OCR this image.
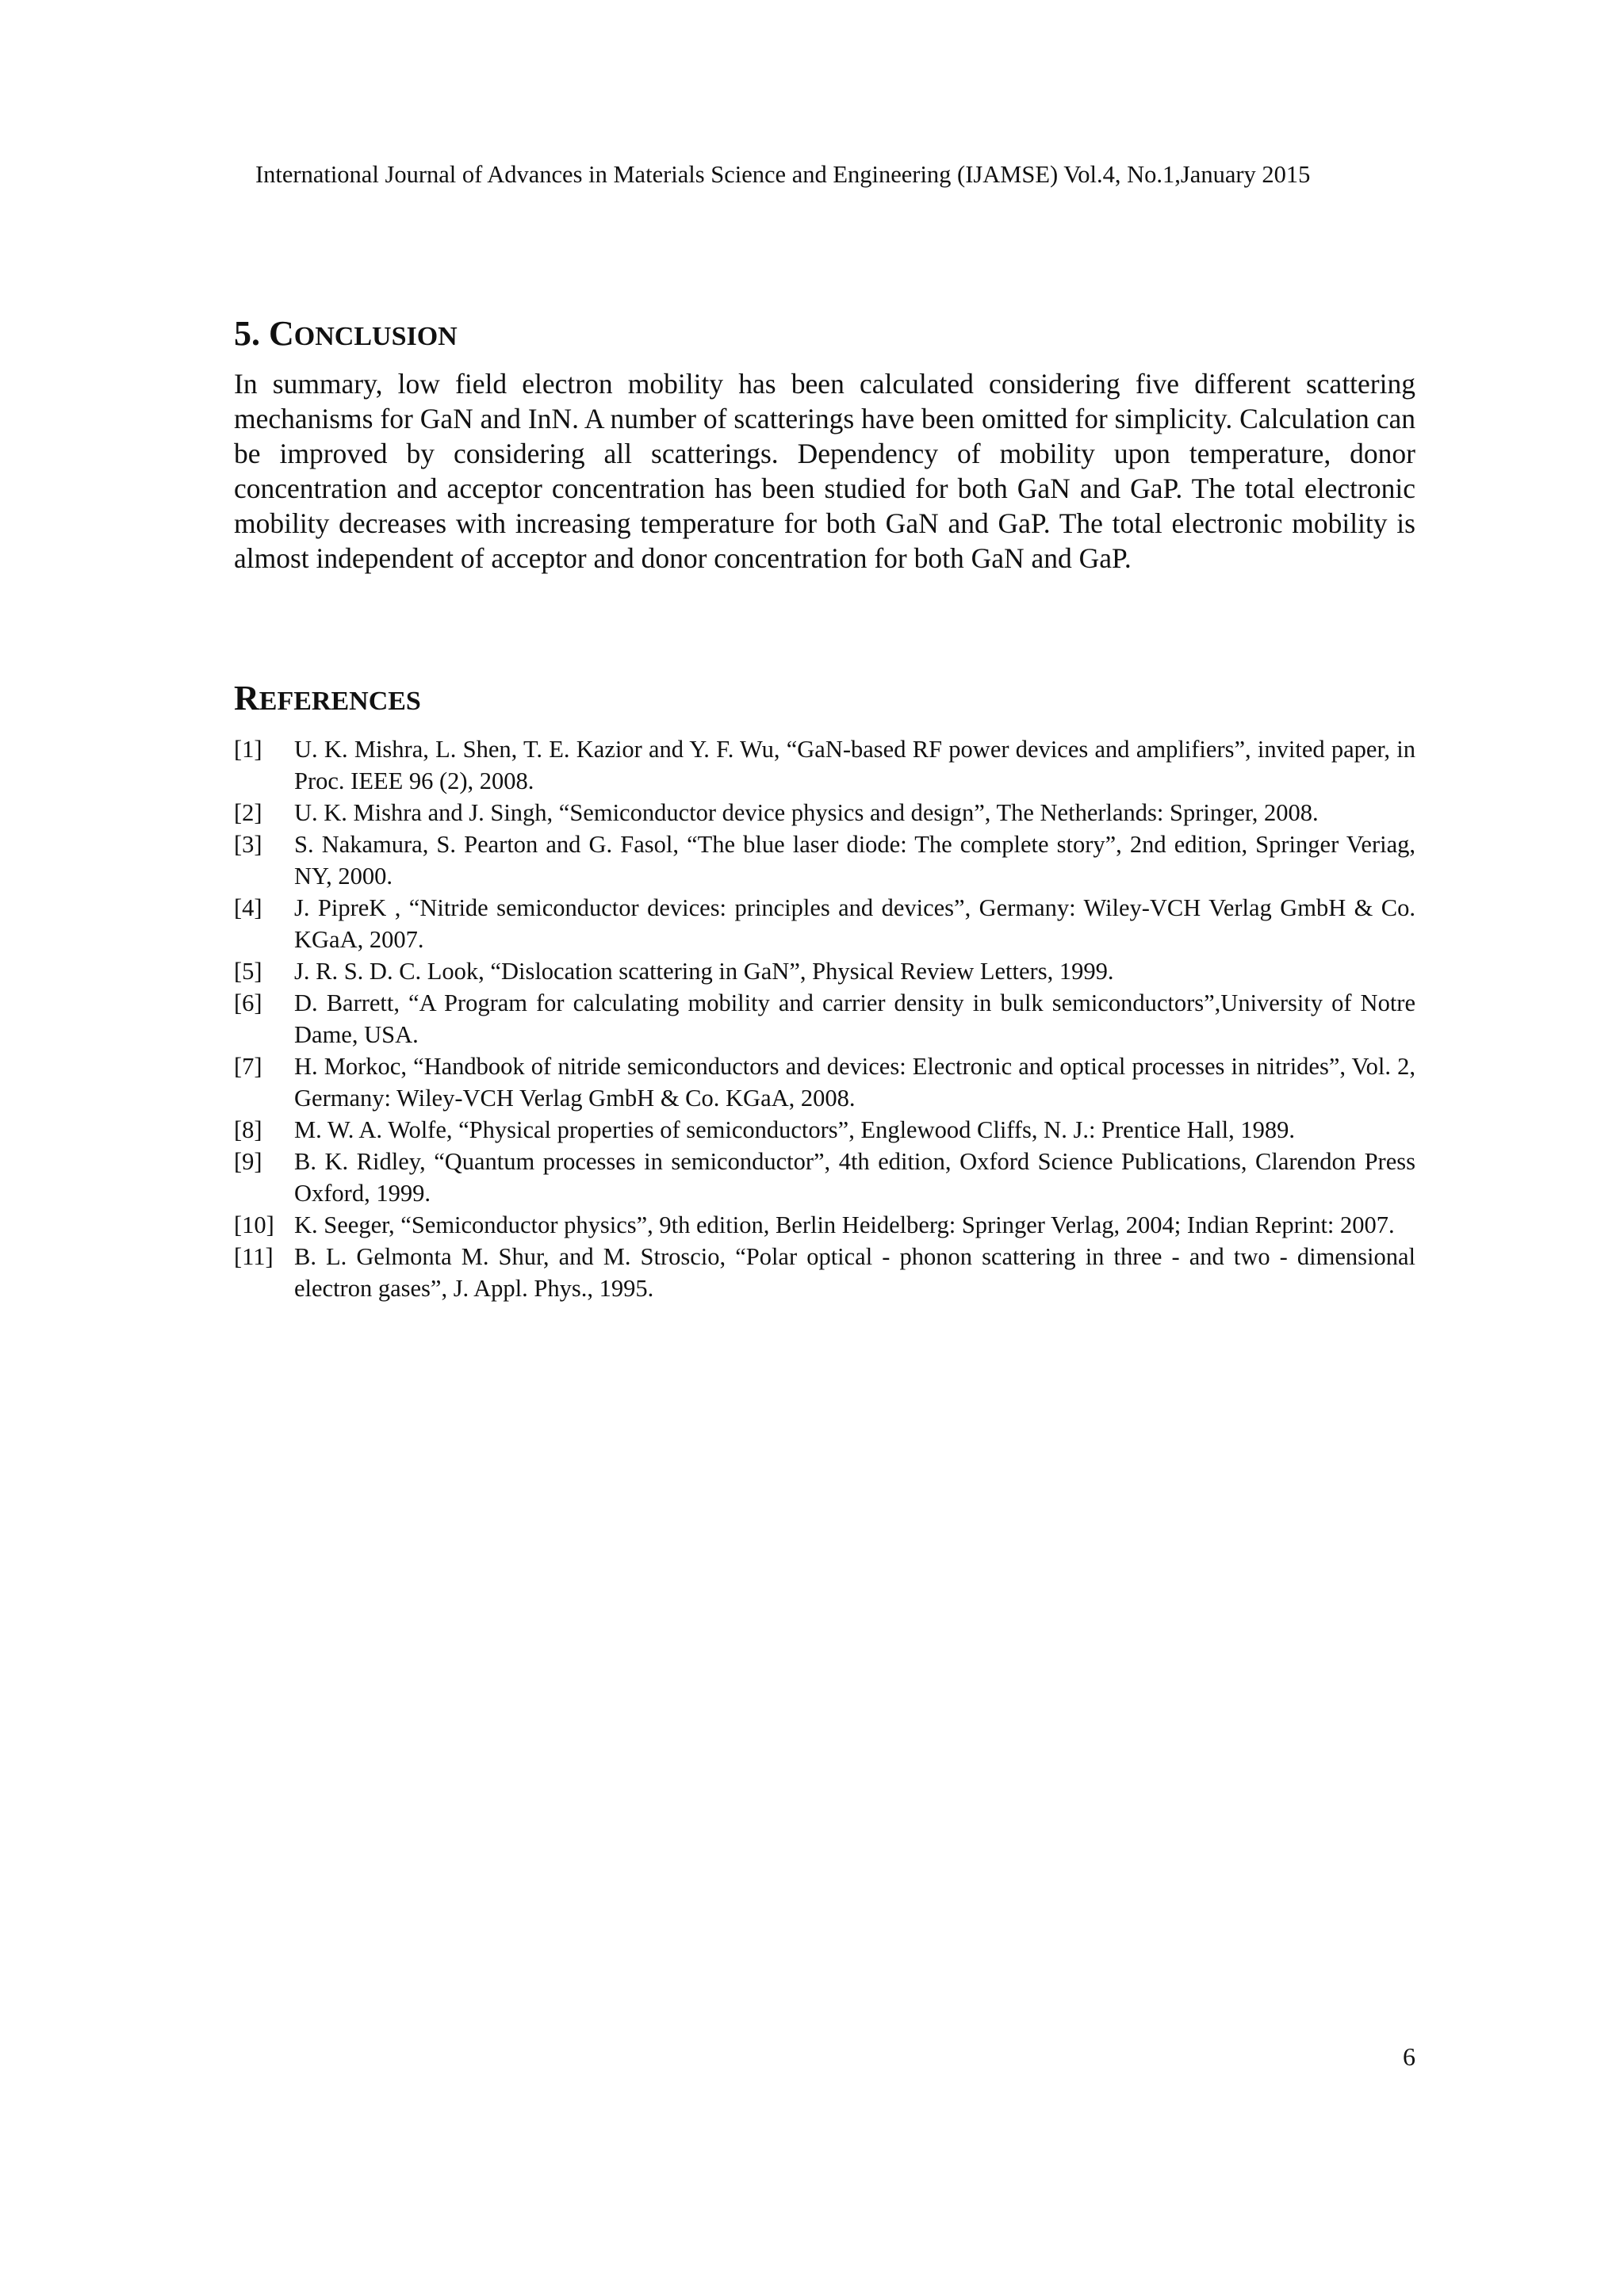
International Journal of Advances in Materials Science and Engineering (IJAMSE) Vol.4, No.1,January 2015
5. CONCLUSION

In summary, low field electron mobility has been calculated considering five different scattering mechanisms for GaN and InN. A number of scatterings have been omitted for simplicity. Calculation can be improved by considering all scatterings. Dependency of mobility upon temperature, donor concentration and acceptor concentration has been studied for both GaN and GaP. The total electronic mobility decreases with increasing temperature for both GaN and GaP. The total electronic mobility is almost independent of acceptor and donor concentration for both GaN and GaP.

REFERENCES
[1]	U. K. Mishra, L. Shen, T. E. Kazior and Y. F. Wu, “GaN-based RF power devices and amplifiers”, invited paper, in Proc. IEEE 96 (2), 2008.
[2]	U. K. Mishra and J. Singh, “Semiconductor device physics and design”, The Netherlands: Springer, 2008.
[3]	S. Nakamura, S. Pearton and G. Fasol, “The blue laser diode: The complete story”, 2nd edition, Springer Veriag, NY, 2000.
[4]	J. PipreK , “Nitride semiconductor devices: principles and devices”, Germany: Wiley-VCH Verlag GmbH & Co. KGaA, 2007.
[5]	J. R. S. D. C. Look, “Dislocation scattering in GaN”, Physical Review Letters, 1999.
[6]	D. Barrett, “A Program for calculating mobility and carrier density in bulk semiconductors”,University of Notre Dame, USA.
[7]	H. Morkoc, “Handbook of nitride semiconductors and devices: Electronic and optical processes in nitrides”, Vol. 2, Germany: Wiley-VCH Verlag GmbH & Co. KGaA, 2008.
[8]	M. W. A. Wolfe, “Physical properties of semiconductors”, Englewood Cliffs, N. J.: Prentice Hall, 1989.
[9]	B. K. Ridley, “Quantum processes in semiconductor”, 4th edition, Oxford Science Publications, Clarendon Press Oxford, 1999.
[10] K. Seeger, “Semiconductor physics”, 9th edition, Berlin Heidelberg: Springer Verlag, 2004; Indian Reprint: 2007.
[11] B. L. Gelmonta M. Shur, and M. Stroscio, “Polar optical - phonon scattering in three - and two - dimensional electron gases”, J. Appl. Phys., 1995.
6
